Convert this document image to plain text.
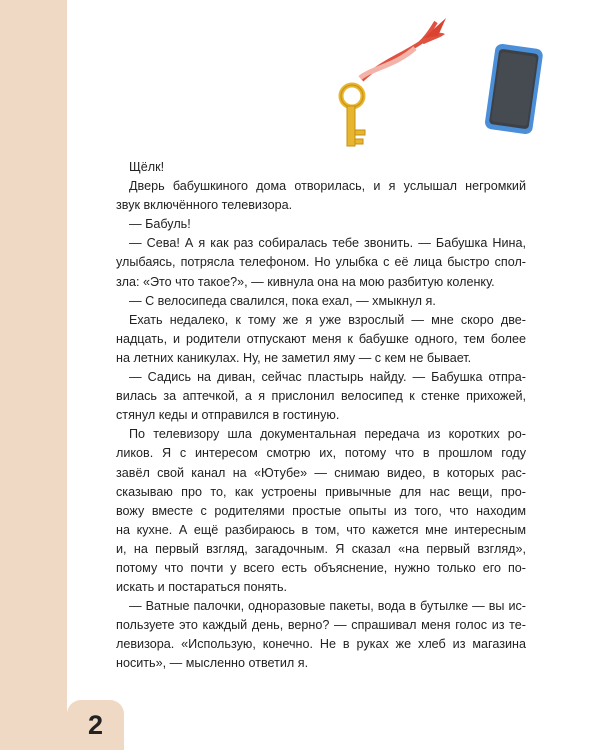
Щёлк!

Дверь бабушкиного дома отворилась, и я услышал негромкий
звук включённого телевизора.

— Бабуль!

— Сева! А я как раз собиралась тебе звонить. — Бабушка Нина,
улыбаясь, потрясла телефоном. Но улыбка с её лица быстро спол-
зла: «Это что такое?», — кивнула она на мою разбитую коленку.

— С велосипеда свалился, пока ехал, — хмыкнул я.

Ехать недалеко, к тому же я уже взрослый — мне скоро две-
надцать, и родители отпускают меня к бабушке одного, тем более
на летних каникулах. Ну, не заметил яму — с кем не бывает.

— Садись на диван, сейчас пластырь найду. — Бабушка отпра-
вилась за аптечкой, а я прислонил велосипед к стенке прихожей,
стянул кеды и отправился в гостиную.

По телевизору шла документальная передача из коротких ро-
ликов. Я с интересом смотрю их, потому что в прошлом году
завёл свой канал на «Ютубе» — снимаю видео, в которых рас-
сказываю про то, как устроены привычные для нас вещи, про-
вожу вместе с родителями простые опыты из того, что находим
на кухне. А ещё разбираюсь в том, что кажется мне интересным
и, на первый взгляд, загадочным. Я сказал «на первый взгляд»,
потому что почти у всего есть объяснение, нужно только его по-
искать и постараться понять.

— Ватные палочки, одноразовые пакеты, вода в бутылке — вы ис-
пользуете это каждый день, верно? — спрашивал меня голос из те-
левизора. «Использую, конечно. Не в руках же хлеб из магазина
носить», — мысленно ответил я.

2
